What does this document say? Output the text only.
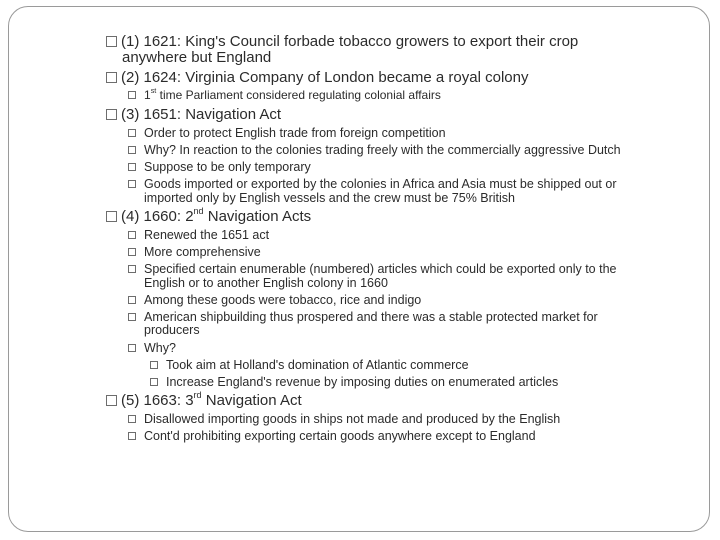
(1) 1621: King's Council forbade tobacco growers to export their crop
anywhere but England
(2) 1624: Virginia Company of London became a royal colony
1st time Parliament considered regulating colonial affairs
(3) 1651: Navigation Act
Order to protect English trade from foreign competition
Why? In reaction to the colonies trading freely with the commercially aggressive Dutch
Suppose to be only temporary
Goods imported or exported by the colonies in Africa and Asia must be shipped out or
imported only by English vessels and the crew must be 75% British
(4) 1660: 2nd Navigation Acts
Renewed the 1651 act
More comprehensive
Specified certain enumerable (numbered) articles which could be exported only to the
English or to another English colony in 1660
Among these goods were tobacco, rice and indigo
American shipbuilding thus prospered and there was a stable protected market for
producers
Why?
Took aim at Holland's domination of Atlantic commerce
Increase England's revenue by imposing duties on enumerated articles
(5) 1663: 3rd Navigation Act
Disallowed importing goods in ships not made and produced by the English
Cont'd prohibiting exporting certain goods anywhere except to England
